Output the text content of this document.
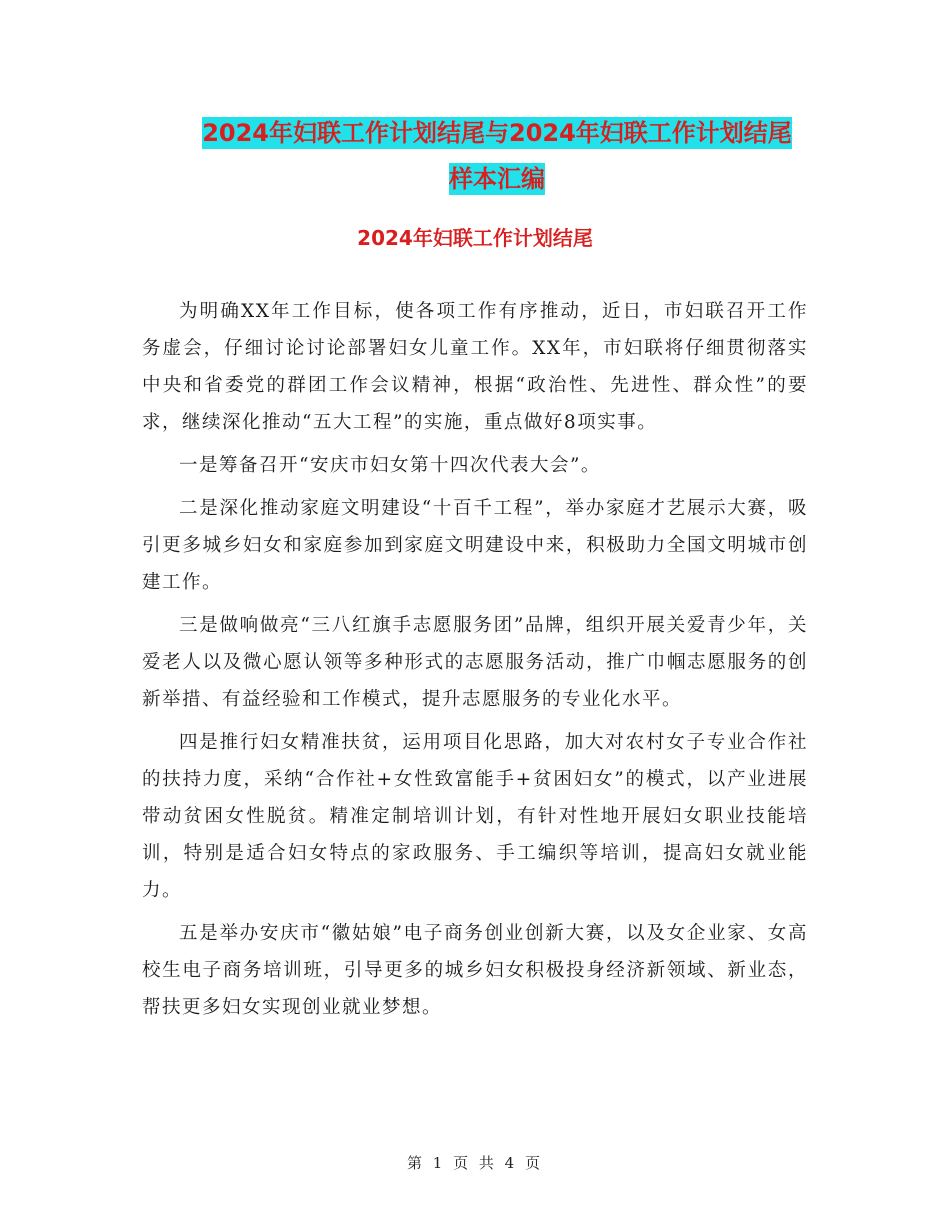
2024年妇联工作计划结尾与2024年妇联工作计划结尾
样本汇编
2024年妇联工作计划结尾

为明确XX年工作目标，使各项工作有序推动，近日，市妇联召开工作务虚会，仔细讨论讨论部署妇女儿童工作。XX年，市妇联将仔细贯彻落实中央和省委党的群团工作会议精神，根据“政治性、先进性、群众性”的要求，继续深化推动“五大工程”的实施，重点做好8项实事。

一是筹备召开“安庆市妇女第十四次代表大会”。

二是深化推动家庭文明建设“十百千工程”，举办家庭才艺展示大赛，吸引更多城乡妇女和家庭参加到家庭文明建设中来，积极助力全国文明城市创建工作。

三是做响做亮“三八红旗手志愿服务团”品牌，组织开展关爱青少年，关爱老人以及微心愿认领等多种形式的志愿服务活动，推广巾帼志愿服务的创新举措、有益经验和工作模式，提升志愿服务的专业化水平。

四是推行妇女精准扶贫，运用项目化思路，加大对农村女子专业合作社的扶持力度，采纳“合作社+女性致富能手+贫困妇女”的模式，以产业进展带动贫困女性脱贫。精准定制培训计划，有针对性地开展妇女职业技能培训，特别是适合妇女特点的家政服务、手工编织等培训，提高妇女就业能力。

五是举办安庆市“徽姑娘”电子商务创业创新大赛，以及女企业家、女高校生电子商务培训班，引导更多的城乡妇女积极投身经济新领域、新业态，帮扶更多妇女实现创业就业梦想。

第 1 页 共 4 页
